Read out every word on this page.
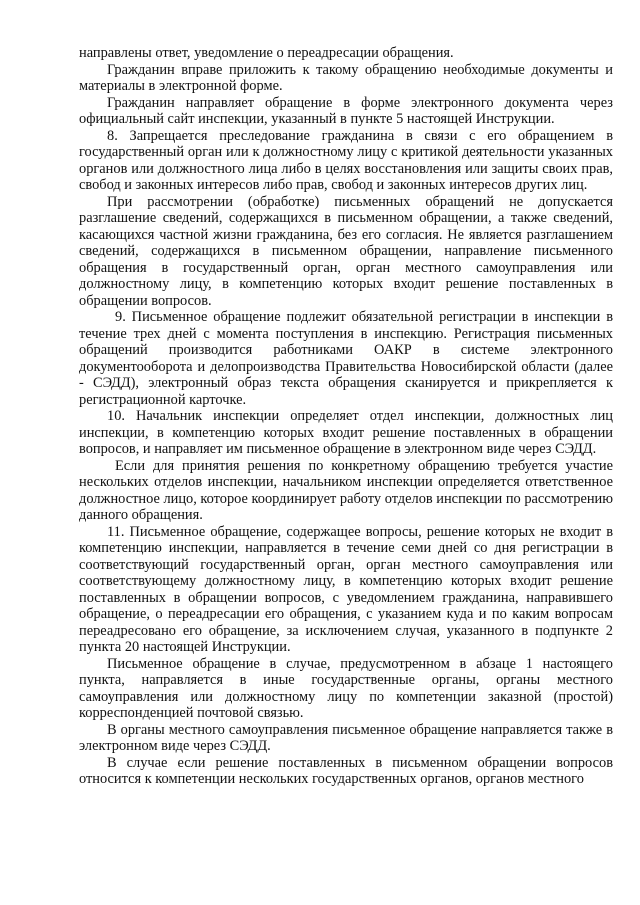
направлены ответ, уведомление о переадресации обращения.

Гражданин вправе приложить к такому обращению необходимые документы и материалы в электронной форме.

Гражданин направляет обращение в форме электронного документа через официальный сайт инспекции, указанный в пункте 5 настоящей Инструкции.

8. Запрещается преследование гражданина в связи с его обращением в государственный орган или к должностному лицу с критикой деятельности указанных органов или должностного лица либо в целях восстановления или защиты своих прав, свобод и законных интересов либо прав, свобод и законных интересов других лиц.

При рассмотрении (обработке) письменных обращений не допускается разглашение сведений, содержащихся в письменном обращении, а также сведений, касающихся частной жизни гражданина, без его согласия. Не является разглашением сведений, содержащихся в письменном обращении, направление письменного обращения в государственный орган, орган местного самоуправления или должностному лицу, в компетенцию которых входит решение поставленных в обращении вопросов.

9. Письменное обращение подлежит обязательной регистрации в инспекции в течение трех дней с момента поступления в инспекцию. Регистрация письменных обращений производится работниками ОАКР в системе электронного документооборота и делопроизводства Правительства Новосибирской области (далее - СЭДД), электронный образ текста обращения сканируется и прикрепляется к регистрационной карточке.

10. Начальник инспекции определяет отдел инспекции, должностных лиц инспекции, в компетенцию которых входит решение поставленных в обращении вопросов, и направляет им письменное обращение в электронном виде через СЭДД.

Если для принятия решения по конкретному обращению требуется участие нескольких отделов инспекции, начальником инспекции определяется ответственное должностное лицо, которое координирует работу отделов инспекции по рассмотрению данного обращения.

11. Письменное обращение, содержащее вопросы, решение которых не входит в компетенцию инспекции, направляется в течение семи дней со дня регистрации в соответствующий государственный орган, орган местного самоуправления или соответствующему должностному лицу, в компетенцию которых входит решение поставленных в обращении вопросов, с уведомлением гражданина, направившего обращение, о переадресации его обращения, с указанием куда и по каким вопросам переадресовано его обращение, за исключением случая, указанного в подпункте 2 пункта 20 настоящей Инструкции.

Письменное обращение в случае, предусмотренном в абзаце 1 настоящего пункта, направляется в иные государственные органы, органы местного самоуправления или должностному лицу по компетенции заказной (простой) корреспонденцией почтовой связью.

В органы местного самоуправления письменное обращение направляется также в электронном виде через СЭДД.

В случае если решение поставленных в письменном обращении вопросов относится к компетенции нескольких государственных органов, органов местного
